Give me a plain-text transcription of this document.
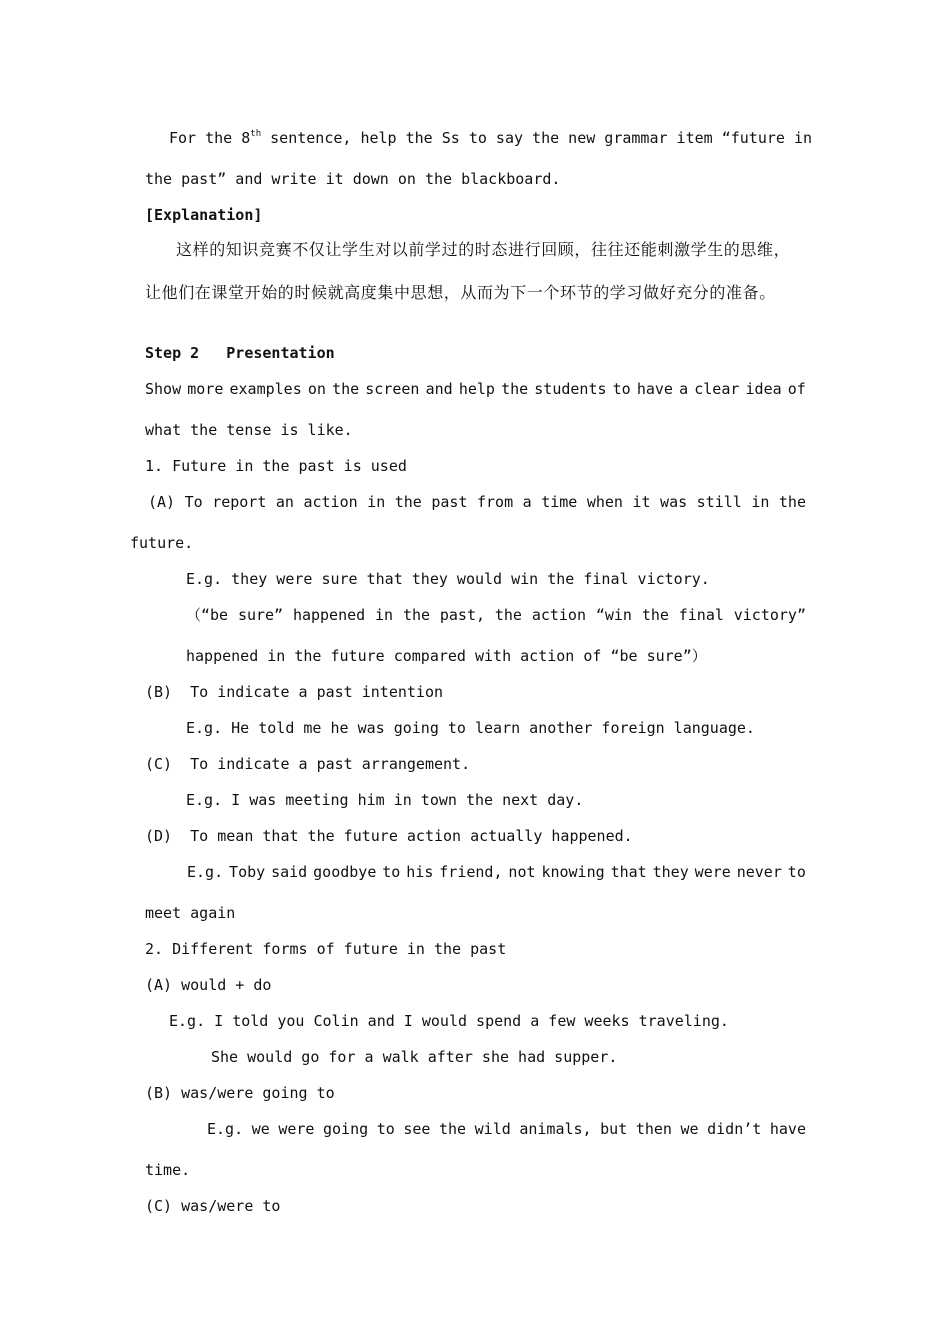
For the 8th sentence, help the Ss to say the new grammar item “future in
the past” and write it down on the blackboard.
[Explanation]
这样的知识竞赛不仅让学生对以前学过的时态进行回顾，往往还能刺激学生的思维，
让他们在课堂开始的时候就高度集中思想，从而为下一个环节的学习做好充分的准备。
Step 2   Presentation
Show more examples on the screen and help the students to have a clear idea of
what the tense is like.
1. Future in the past is used
(A) To report an action in the past from a time when it was still in the
future.
E.g. they were sure that they would win the final victory.
（“be sure” happened in the past, the action “win the final victory”
happened in the future compared with action of “be sure”）
(B)  To indicate a past intention
E.g. He told me he was going to learn another foreign language.
(C)  To indicate a past arrangement.
E.g. I was meeting him in town the next day.
(D)  To mean that the future action actually happened.
E.g. Toby said goodbye to his friend, not knowing that they were never to
meet again
2. Different forms of future in the past
(A) would + do
E.g. I told you Colin and I would spend a few weeks traveling.
She would go for a walk after she had supper.
(B) was/were going to
E.g. we were going to see the wild animals, but then we didn’t have
time.
(C) was/were to
